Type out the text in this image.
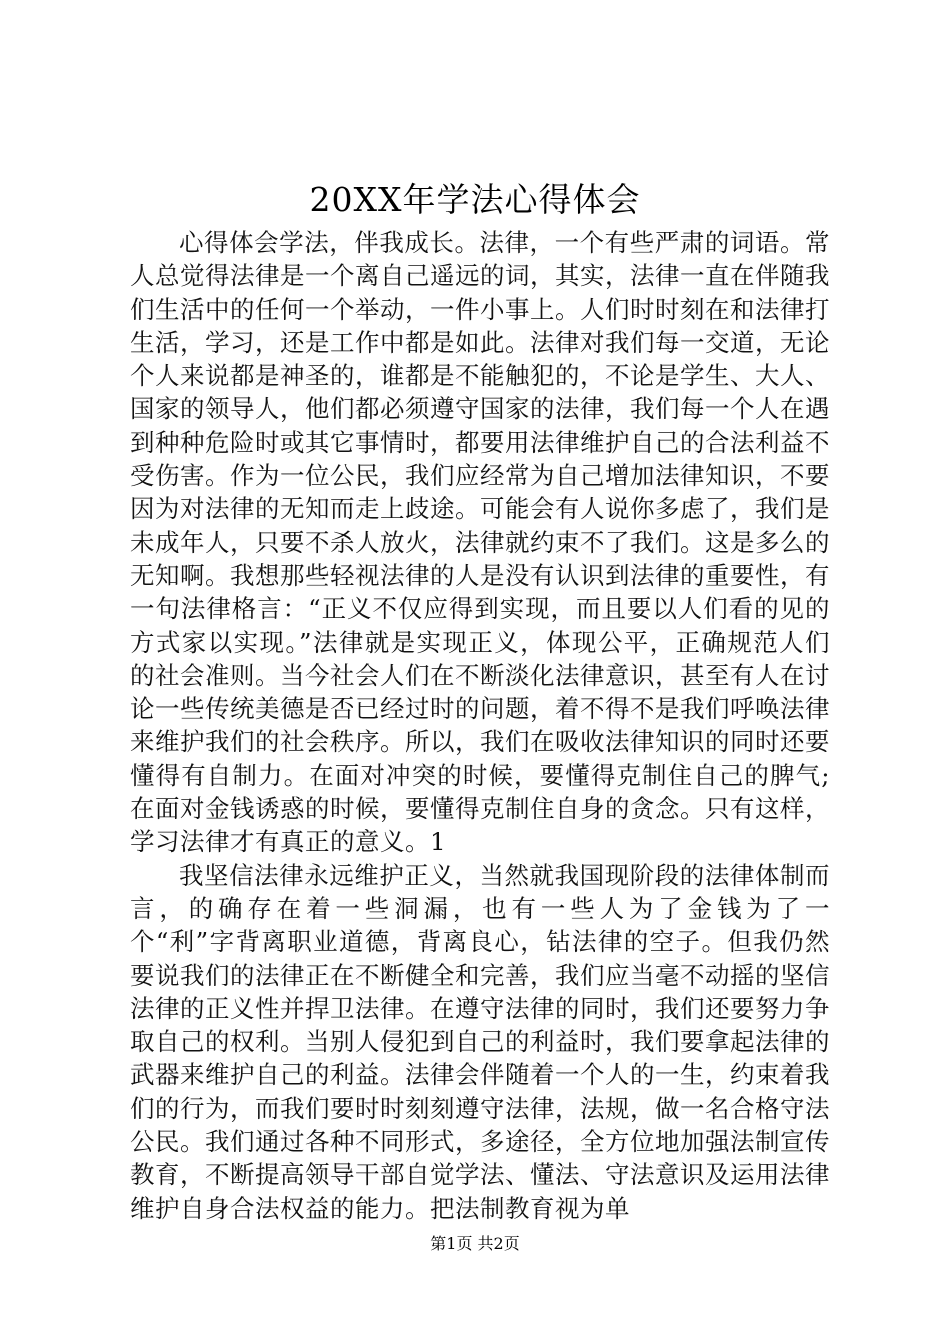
20XX年学法心得体会

心得体会学法，伴我成长。法律，一个有些严肃的词语。常人总觉得法律是一个离自己遥远的词，其实，法律一直在伴随我们生活中的任何一个举动，一件小事上。人们时时刻在和法律打生活，学习，还是工作中都是如此。法律对我们每一交道，无论个人来说都是神圣的，谁都是不能触犯的，不论是学生、大人、国家的领导人，他们都必须遵守国家的法律，我们每一个人在遇到种种危险时或其它事情时，都要用法律维护自己的合法利益不受伤害。作为一位公民，我们应经常为自己增加法律知识，不要因为对法律的无知而走上歧途。可能会有人说你多虑了，我们是未成年人，只要不杀人放火，法律就约束不了我们。这是多么的无知啊。我想那些轻视法律的人是没有认识到法律的重要性，有一句法律格言：“正义不仅应得到实现，而且要以人们看的见的方式家以实现。”法律就是实现正义，体现公平，正确规范人们的社会准则。当今社会人们在不断淡化法律意识，甚至有人在讨论一些传统美德是否已经过时的问题，着不得不是我们呼唤法律来维护我们的社会秩序。所以，我们在吸收法律知识的同时还要懂得有自制力。在面对冲突的时候，要懂得克制住自己的脾气;在面对金钱诱惑的时候，要懂得克制住自身的贪念。只有这样，学习法律才有真正的意义。1

我坚信法律永远维护正义，当然就我国现阶段的法律体制而言，的确存在着一些洞漏，也有一些人为了金钱为了一个“利”字背离职业道德，背离良心，钻法律的空子。但我仍然要说我们的法律正在不断健全和完善，我们应当毫不动摇的坚信法律的正义性并捍卫法律。在遵守法律的同时，我们还要努力争取自己的权利。当别人侵犯到自己的利益时，我们要拿起法律的武器来维护自己的利益。法律会伴随着一个人的一生，约束着我们的行为，而我们要时时刻刻遵守法律，法规，做一名合格守法公民。我们通过各种不同形式，多途径，全方位地加强法制宣传教育，不断提高领导干部自觉学法、懂法、守法意识及运用法律维护自身合法权益的能力。把法制教育视为单

第1页 共2页
